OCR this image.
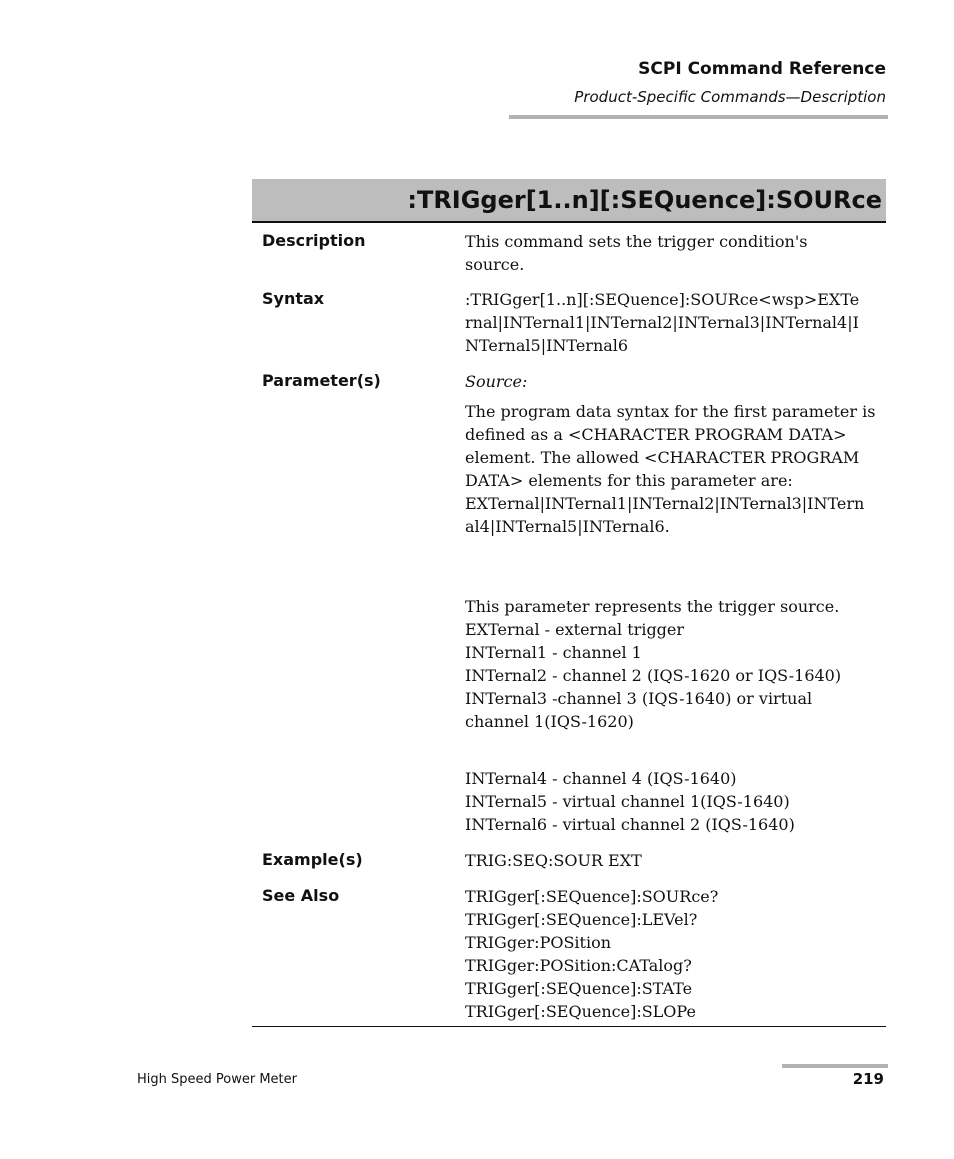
SCPI Command Reference
Product-Specific Commands—Description
:TRIGger[1..n][:SEQuence]:SOURce
Description	This command sets the trigger condition's
source.
Syntax	:TRIGger[1..n][:SEQuence]:SOURce<wsp>EXTe
rnal|INTernal1|INTernal2|INTernal3|INTernal4|I
NTernal5|INTernal6
Parameter(s)	Source:
The program data syntax for the first parameter is
defined as a <CHARACTER PROGRAM DATA>
element. The allowed <CHARACTER PROGRAM
DATA> elements for this parameter are:
EXTernal|INTernal1|INTernal2|INTernal3|INTern
al4|INTernal5|INTernal6.
This parameter represents the trigger source.
EXTernal - external trigger
INTernal1 - channel 1
INTernal2 - channel 2 (IQS-1620 or IQS-1640)
INTernal3 -channel 3 (IQS-1640) or virtual
channel 1(IQS-1620)
INTernal4 - channel 4 (IQS-1640)
INTernal5 - virtual channel 1(IQS-1640)
INTernal6 - virtual channel 2 (IQS-1640)
Example(s)	TRIG:SEQ:SOUR EXT
See Also	TRIGger[:SEQuence]:SOURce?
TRIGger[:SEQuence]:LEVel?
TRIGger:POSition
TRIGger:POSition:CATalog?
TRIGger[:SEQuence]:STATe
TRIGger[:SEQuence]:SLOPe
High Speed Power Meter	219
